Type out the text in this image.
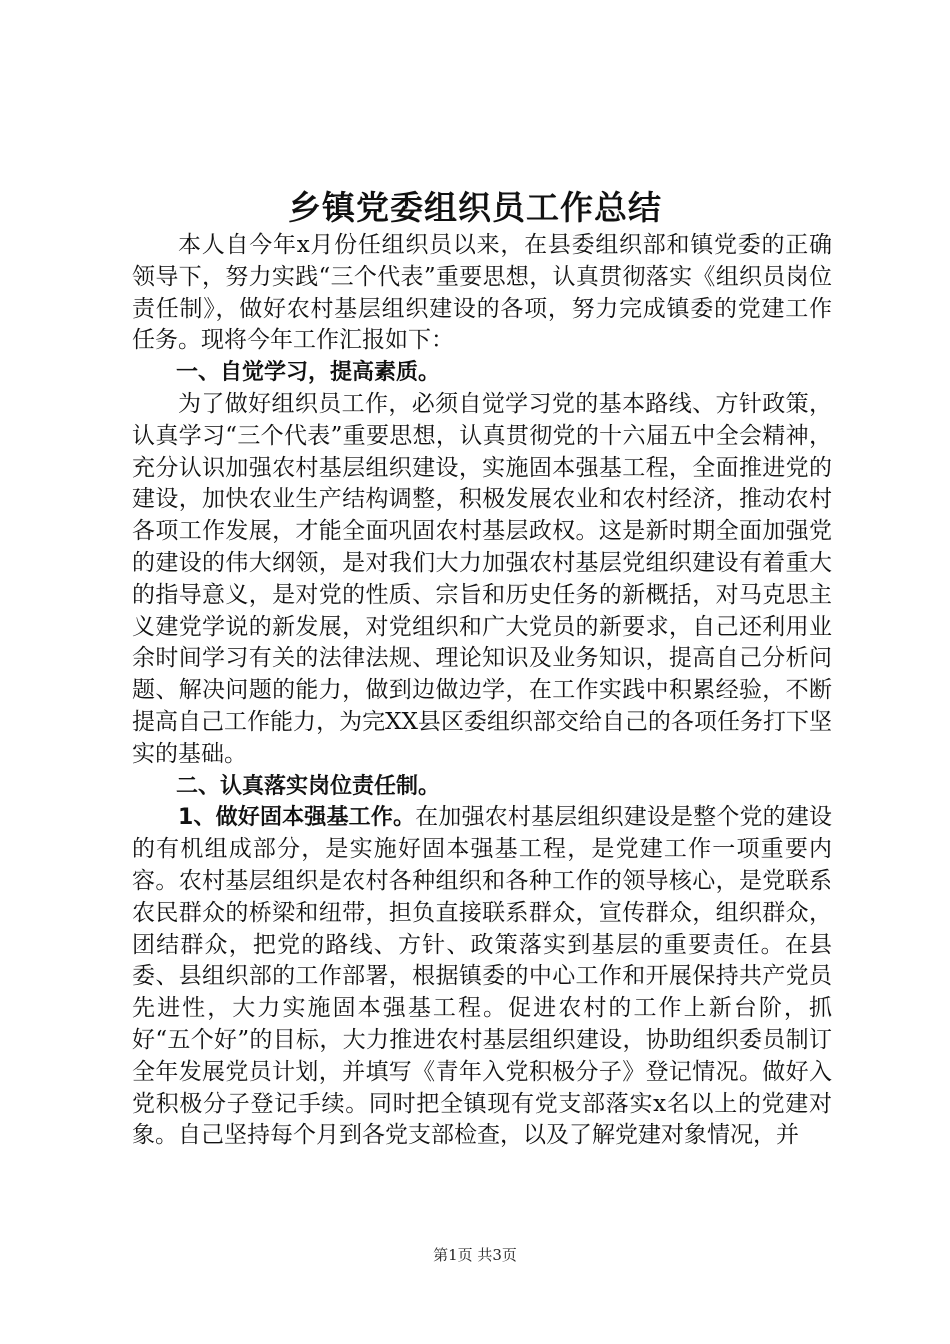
乡镇党委组织员工作总结

本人自今年x月份任组织员以来，在县委组织部和镇党委的正确领导下，努力实践“三个代表”重要思想，认真贯彻落实《组织员岗位责任制》，做好农村基层组织建设的各项，努力完成镇委的党建工作任务。现将今年工作汇报如下：

一、自觉学习，提高素质。

为了做好组织员工作，必须自觉学习党的基本路线、方针政策，认真学习“三个代表”重要思想，认真贯彻党的十六届五中全会精神，充分认识加强农村基层组织建设，实施固本强基工程，全面推进党的建设，加快农业生产结构调整，积极发展农业和农村经济，推动农村各项工作发展，才能全面巩固农村基层政权。这是新时期全面加强党的建设的伟大纲领，是对我们大力加强农村基层党组织建设有着重大的指导意义，是对党的性质、宗旨和历史任务的新概括，对马克思主义建党学说的新发展，对党组织和广大党员的新要求，自己还利用业余时间学习有关的法律法规、理论知识及业务知识，提高自己分析问题、解决问题的能力，做到边做边学，在工作实践中积累经验，不断提高自己工作能力，为完XX县区委组织部交给自己的各项任务打下坚实的基础。

二、认真落实岗位责任制。

1、做好固本强基工作。在加强农村基层组织建设是整个党的建设的有机组成部分，是实施好固本强基工程，是党建工作一项重要内容。农村基层组织是农村各种组织和各种工作的领导核心，是党联系农民群众的桥梁和纽带，担负直接联系群众，宣传群众，组织群众，团结群众，把党的路线、方针、政策落实到基层的重要责任。在县委、县组织部的工作部署，根据镇委的中心工作和开展保持共产党员先进性，大力实施固本强基工程。促进农村的工作上新台阶，抓好“五个好”的目标，大力推进农村基层组织建设，协助组织委员制订全年发展党员计划，并填写《青年入党积极分子》登记情况。做好入党积极分子登记手续。同时把全镇现有党支部落实x名以上的党建对象。自己坚持每个月到各党支部检查，以及了解党建对象情况，并

第1页 共3页
